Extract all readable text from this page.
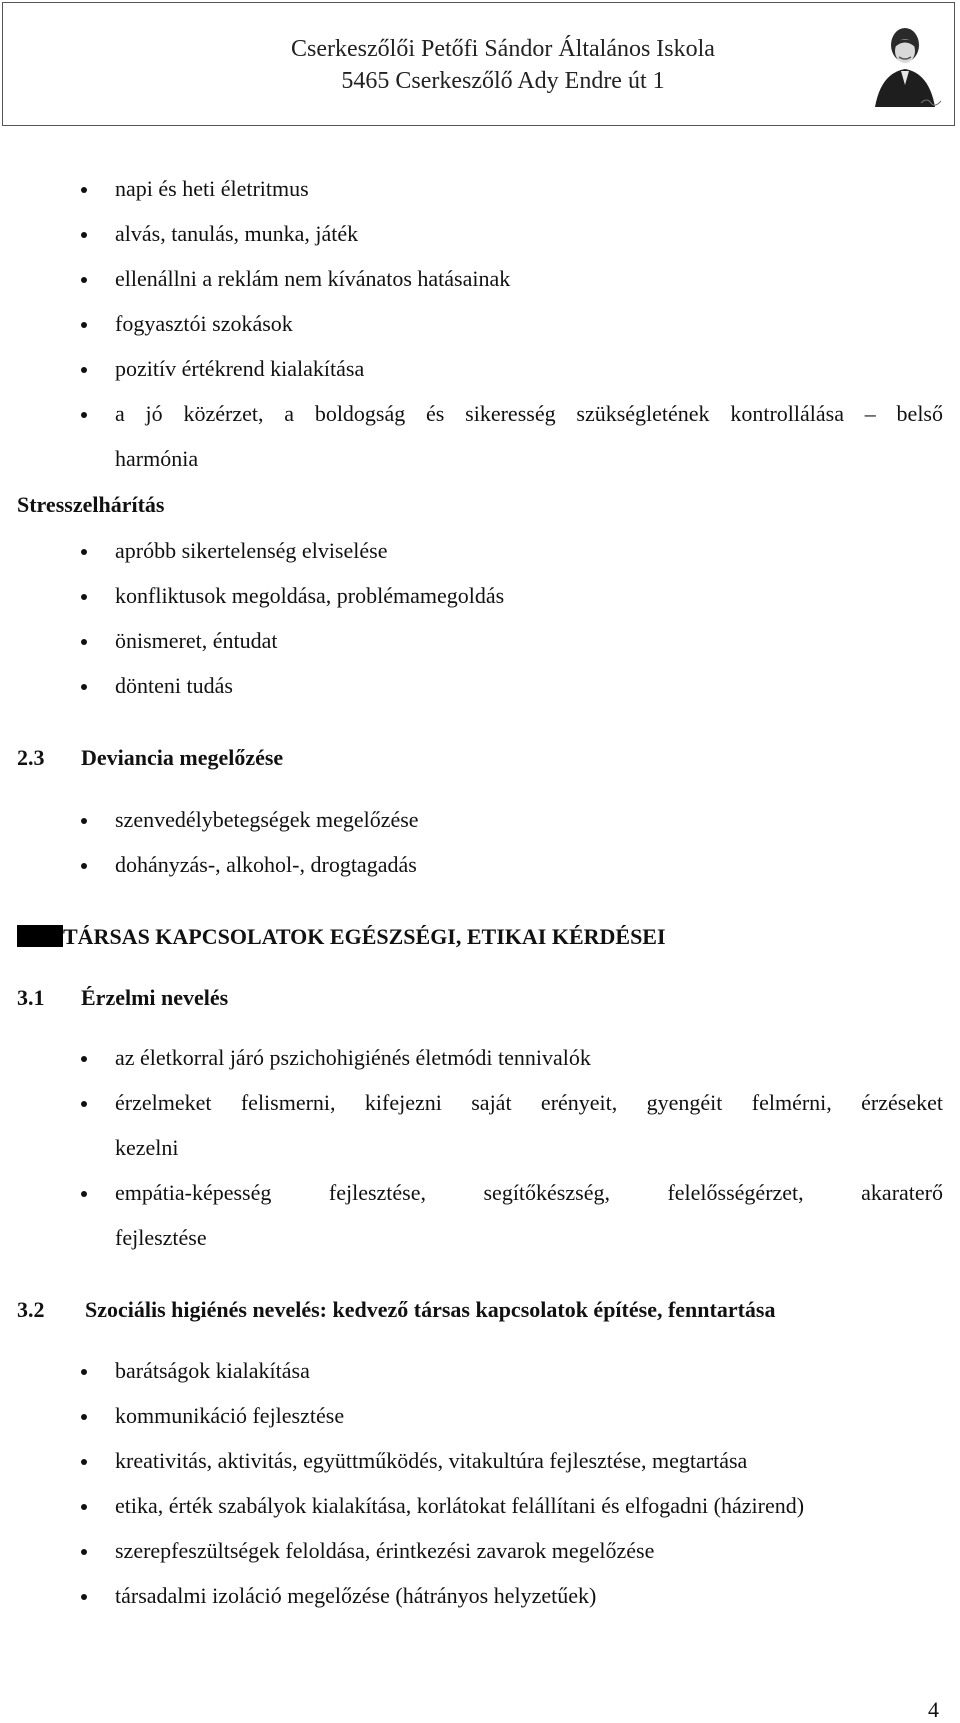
Cserkeszőlői Petőfi Sándor Általános Iskola
5465 Cserkeszőlő Ady Endre út 1
napi és heti életritmus
alvás, tanulás, munka, játék
ellenállni a reklám nem kívánatos hatásainak
fogyasztói szokások
pozitív értékrend kialakítása
a jó közérzet, a boldogság és sikeresség szükségletének kontrollálása – belső
harmónia
Stresszelhárítás
apróbb sikertelenség elviselése
konfliktusok megoldása, problémamegoldás
önismeret, éntudat
dönteni tudás
2.3 Deviancia megelőzése
szenvedélybetegségek megelőzése
dohányzás-, alkohol-, drogtagadás
TÁRSAS KAPCSOLATOK EGÉSZSÉGI, ETIKAI KÉRDÉSEI
3.1 Érzelmi nevelés
az életkorral járó pszichohigiénés életmódi tennivalók
érzelmeket felismerni, kifejezni saját erényeit, gyengéit felmérni, érzéseket
kezelni
empátia-képesség fejlesztése, segítőkészség, felelősségérzet, akaraterő
fejlesztése
3.2 Szociális higiénés nevelés: kedvező társas kapcsolatok építése, fenntartása
barátságok kialakítása
kommunikáció fejlesztése
kreativitás, aktivitás, együttműködés, vitakultúra fejlesztése, megtartása
etika, érték szabályok kialakítása, korlátokat felállítani és elfogadni (házirend)
szerepfeszültségek feloldása, érintkezési zavarok megelőzése
társadalmi izoláció megelőzése (hátrányos helyzetűek)
4
